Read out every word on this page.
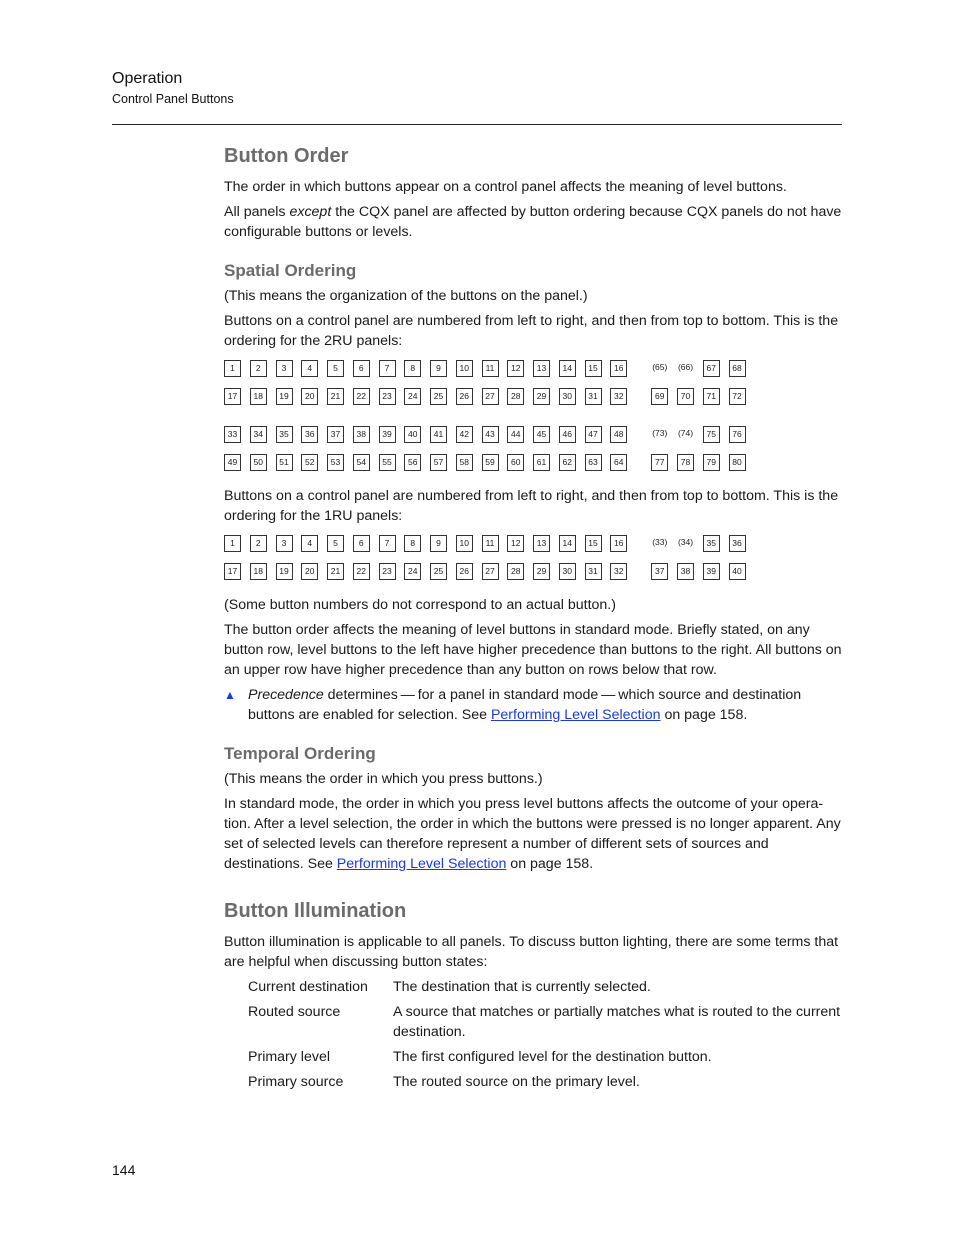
Operation
Control Panel Buttons
Button Order

The order in which buttons appear on a control panel affects the meaning of level buttons.

All panels except the CQX panel are affected by button ordering because CQX panels do not have configurable buttons or levels.

Spatial Ordering

(This means the organization of the buttons on the panel.)

Buttons on a control panel are numbered from left to right, and then from top to bottom. This is the ordering for the 2RU panels:

1	2	3	4	5	6	7	8	9	10	11	12	13	14	15	16	(65) (66)	67	68
17	18	19	20	21	22	23	24	25	26	27	28	29	30	31	32	69	70	71	72
33	34	35	36	37	38	39	40	41	42	43	44	45	46	47	48	(73) (74)	75	76
49	50	51	52	53	54	55	56	57	58	59	60	61	62	63	64	77	78	79	80

Buttons on a control panel are numbered from left to right, and then from top to bottom. This is the ordering for the 1RU panels:

1	2	3	4	5	6	7	8	9	10	11	12	13	14	15	16	(33) (34)	35	36
17	18	19	20	21	22	23	24	25	26	27	28	29	30	31	32	37	38	39	40

(Some button numbers do not correspond to an actual button.)

The button order affects the meaning of level buttons in standard mode. Briefly stated, on any button row, level buttons to the left have higher precedence than buttons to the right. All buttons on an upper row have higher precedence than any button on rows below that row.

▲ Precedence determines — for a panel in standard mode — which source and destination buttons are enabled for selection. See Performing Level Selection on page 158.
Temporal Ordering

(This means the order in which you press buttons.)

In standard mode, the order in which you press level buttons affects the outcome of your opera-tion. After a level selection, the order in which the buttons were pressed is no longer apparent. Any set of selected levels can therefore represent a number of different sets of sources and destinations. See Performing Level Selection on page 158.

Button Illumination

Button illumination is applicable to all panels. To discuss button lighting, there are some terms that are helpful when discussing button states:

Current destination	The destination that is currently selected.
Routed source	A source that matches or partially matches what is routed to the current destination.
Primary level	The first configured level for the destination button.
Primary source	The routed source on the primary level.
144
